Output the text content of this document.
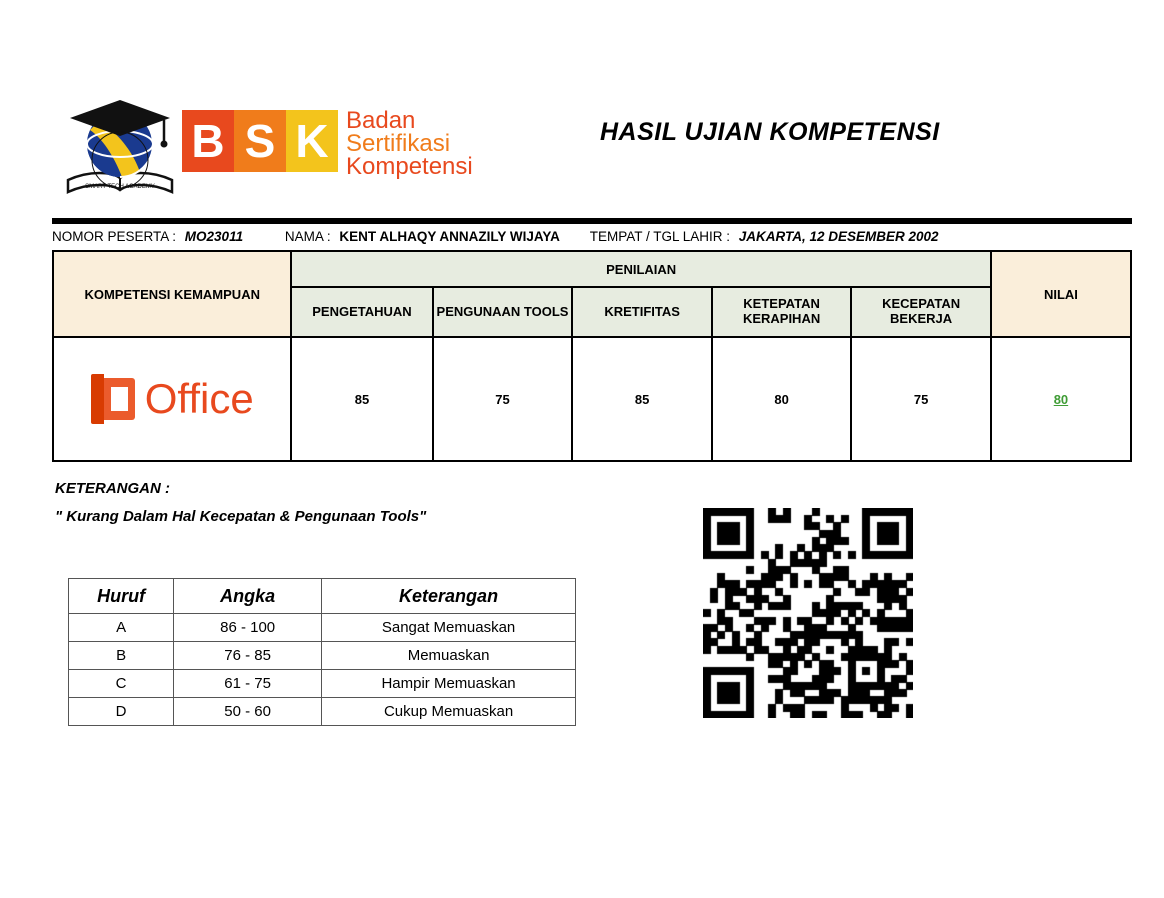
SMART TECH ACADEMY
B S K Badan
Sertifikasi
Kompetensi
HASIL UJIAN KOMPETENSI
NOMOR PESERTA : MO23011	NAMA : KENT ALHAQY ANNAZILY WIJAYA TEMPAT / TGL LAHIR : JAKARTA, 12 DESEMBER 2002
KOMPETENSI KEMAMPUAN	PENILAIAN					NILAI
	PENGETAHUAN	PENGUNAAN TOOLS	KRETIFITAS	KETEPATAN KERAPIHAN	KECEPATAN BEKERJA	

Office	85	75	85	80	75	80
KETERANGAN :
" Kurang Dalam Hal Kecepatan & Pengunaan Tools"
Huruf	Angka	Keterangan
A	86 - 100	Sangat Memuaskan
B	76 - 85	Memuaskan
C	61 - 75	Hampir Memuaskan
D	50 - 60	Cukup Memuaskan
